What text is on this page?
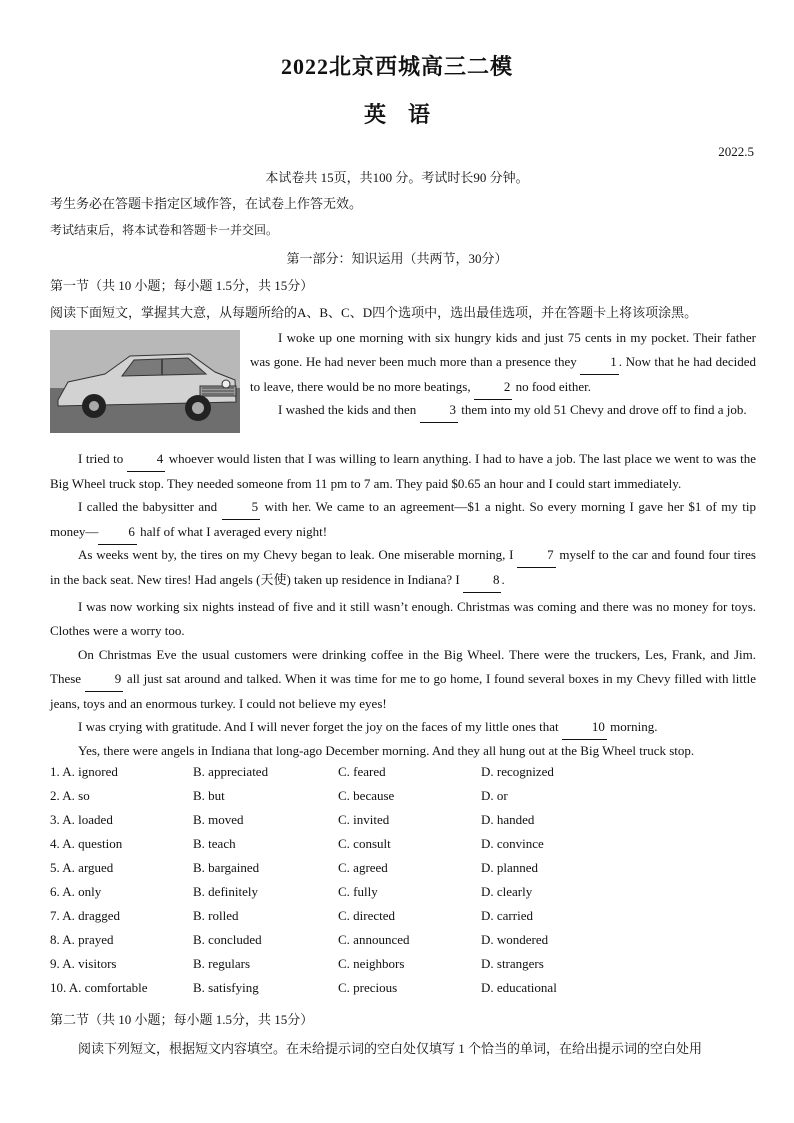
2022北京西城高三二模
英　语
2022.5
本试卷共 15页，共100 分。考试时长90 分钟。
考生务必在答题卡指定区域作答，在试卷上作答无效。
考试结束后，将本试卷和答题卡一并交回。
第一部分：知识运用（共两节，30分）
第一节（共 10 小题；每小题 1.5分，共 15分）
阅读下面短文，掌握其大意，从每题所给的A、B、C、D四个选项中，选出最佳选项，并在答题卡上将该项涂黑。
I woke up one morning with six hungry kids and just 75 cents in my pocket. Their father was gone. He had never been much more than a presence they 1 . Now that he had decided to leave, there would be no more beatings, 2 no food either.
I washed the kids and then 3 them into my old 51 Chevy and drove off to find a job.
I tried to 4 whoever would listen that I was willing to learn anything. I had to have a job. The last place we went to was the Big Wheel truck stop. They needed someone from 11 pm to 7 am. They paid $0.65 an hour and I could start immediately.
I called the babysitter and 5 with her. We came to an agreement—$1 a night. So every morning I gave her $1 of my tip money— 6 half of what I averaged every night!
As weeks went by, the tires on my Chevy began to leak. One miserable morning, I 7 myself to the car and found four tires in the back seat. New tires! Had angels (天使) taken up residence in Indiana? I 8 .
I was now working six nights instead of five and it still wasn’t enough. Christmas was coming and there was no money for toys. Clothes were a worry too.
On Christmas Eve the usual customers were drinking coffee in the Big Wheel. There were the truckers, Les, Frank, and Jim. These 9 all just sat around and talked. When it was time for me to go home, I found several boxes in my Chevy filled with little jeans, toys and an enormous turkey. I could not believe my eyes!
I was crying with gratitude. And I will never forget the joy on the faces of my little ones that 10 morning.
Yes, there were angels in Indiana that long-ago December morning. And they all hung out at the Big Wheel truck stop.
1. A. ignored	B. appreciated	C. feared	D. recognized
2. A. so	B. but	C. because	D. or
3. A. loaded	B. moved	C. invited	D. handed
4. A. question	B. teach	C. consult	D. convince
5. A. argued	B. bargained	C. agreed	D. planned
6. A. only	B. definitely	C. fully	D. clearly
7. A. dragged	B. rolled	C. directed	D. carried
8. A. prayed	B. concluded	C. announced	D. wondered
9. A. visitors	B. regulars	C. neighbors	D. strangers
10. A. comfortable	B. satisfying	C. precious	D. educational
第二节（共 10 小题；每小题 1.5分，共 15分）
阅读下列短文，根据短文内容填空。在未给提示词的空白处仅填写 1 个恰当的单词，在给出提示词的空白处用
